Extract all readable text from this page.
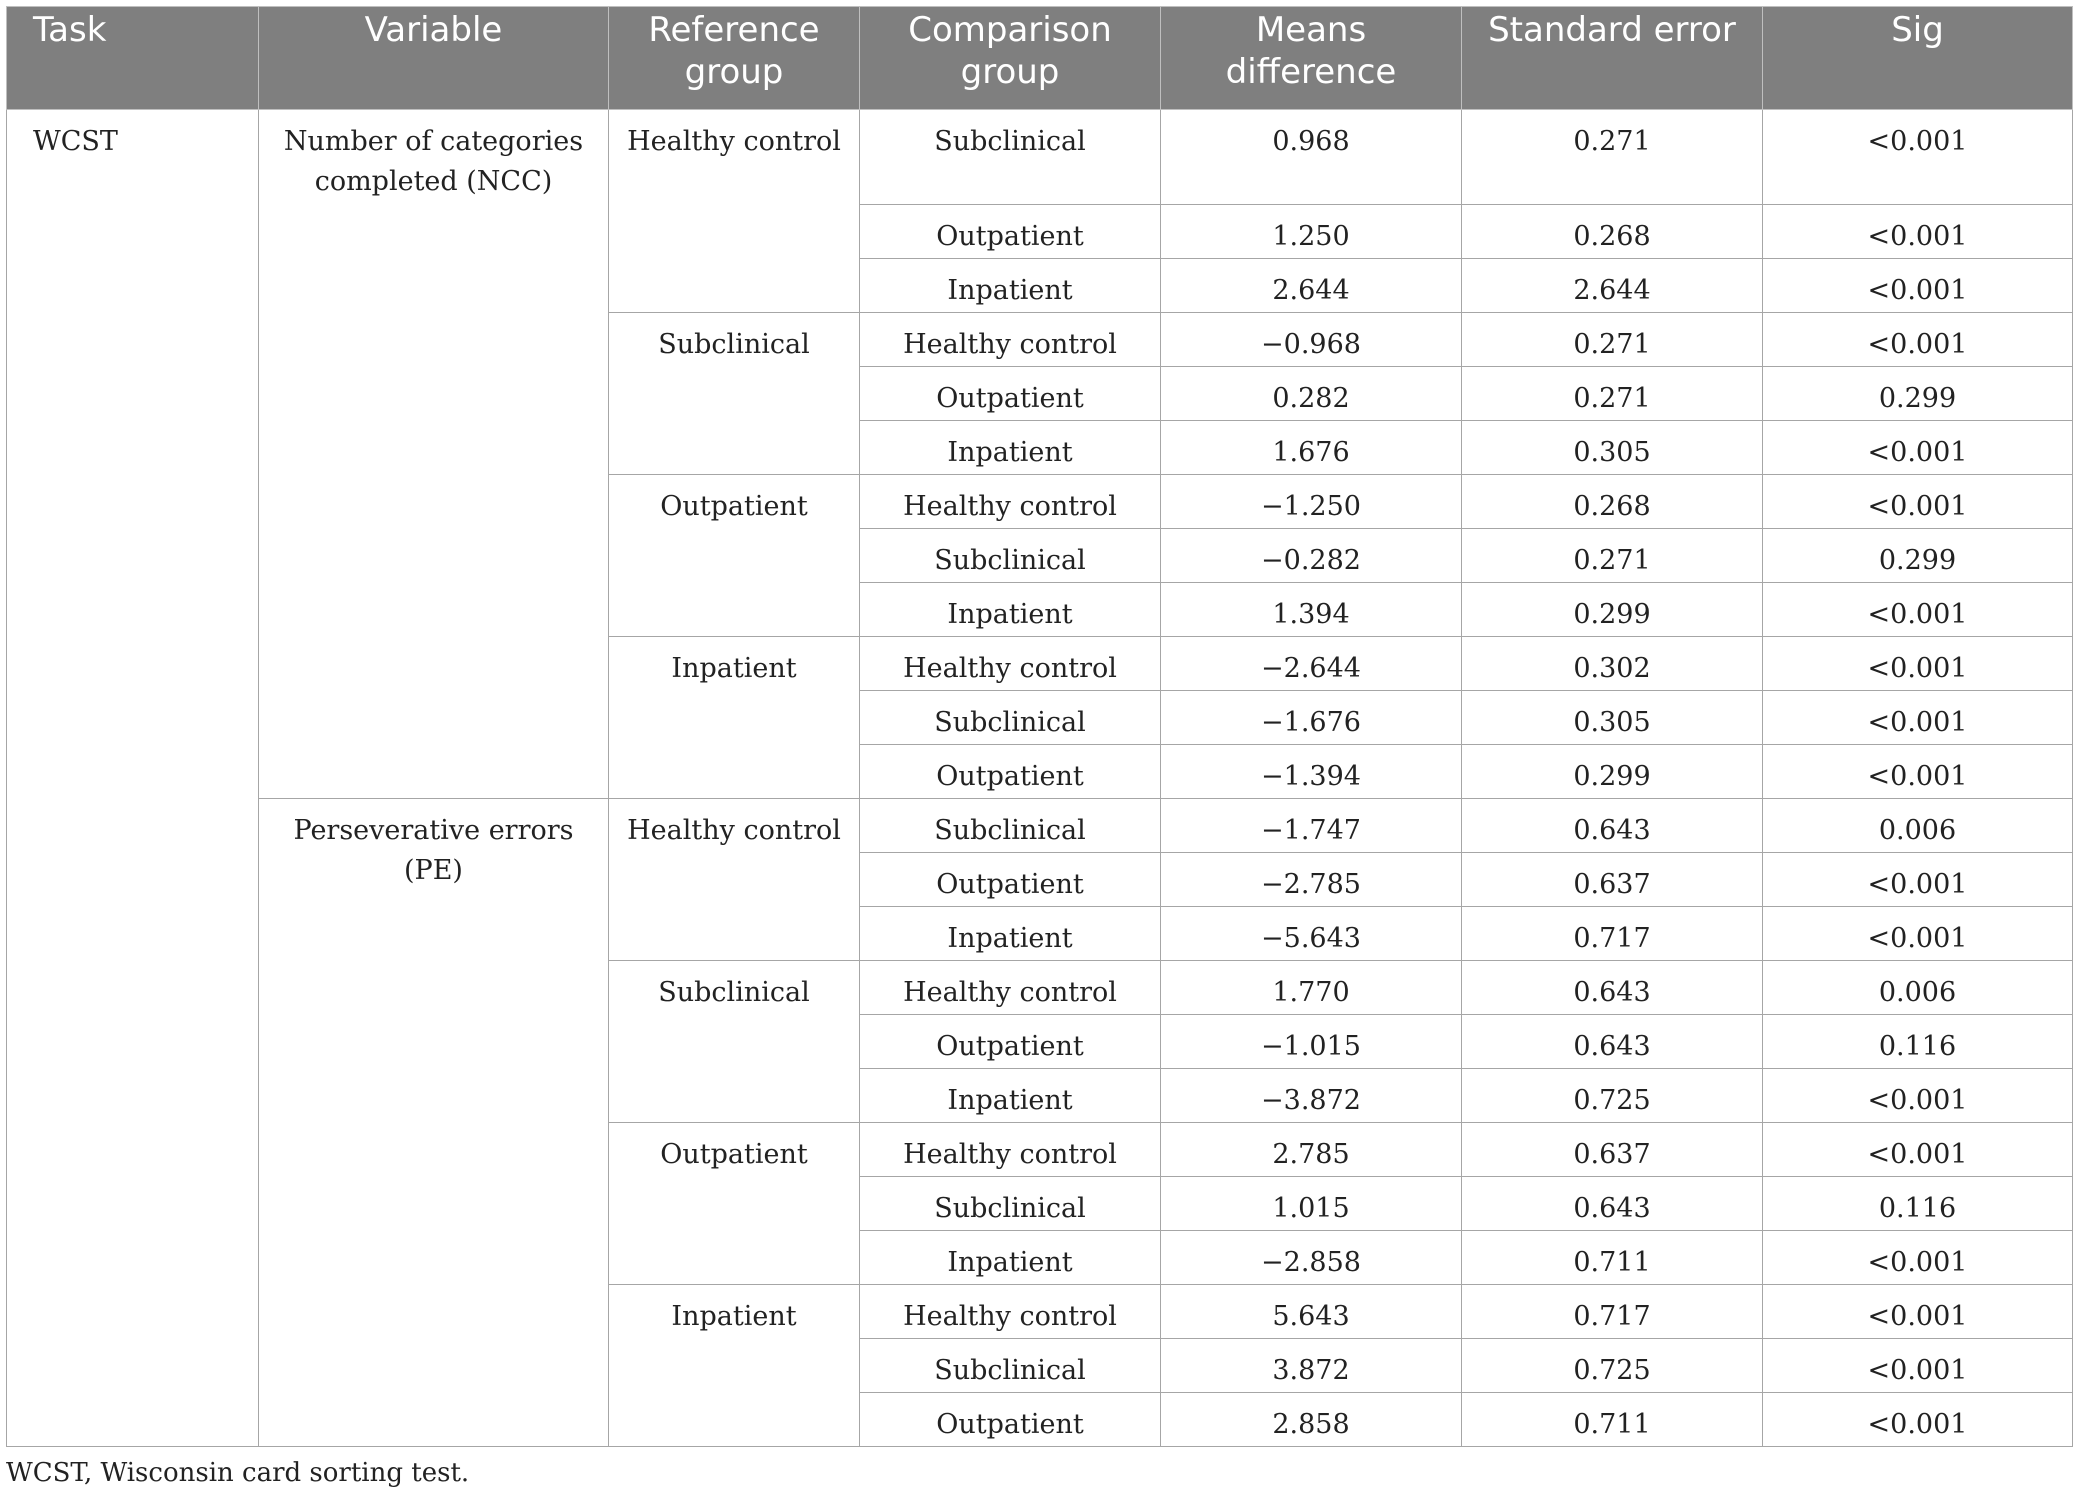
Task	Variable	Reference group	Comparison group	Means difference	Standard error	Sig
WCST	Number of categories completed (NCC)	Healthy control	Subclinical	0.968	0.271	<0.001
			Outpatient	1.250	0.268	<0.001
			Inpatient	2.644	2.644	<0.001
		Subclinical	Healthy control	−0.968	0.271	<0.001
			Outpatient	0.282	0.271	0.299
			Inpatient	1.676	0.305	<0.001
		Outpatient	Healthy control	−1.250	0.268	<0.001
			Subclinical	−0.282	0.271	0.299
			Inpatient	1.394	0.299	<0.001
		Inpatient	Healthy control	−2.644	0.302	<0.001
			Subclinical	−1.676	0.305	<0.001
			Outpatient	−1.394	0.299	<0.001
	Perseverative errors (PE)	Healthy control	Subclinical	−1.747	0.643	0.006
			Outpatient	−2.785	0.637	<0.001
			Inpatient	−5.643	0.717	<0.001
		Subclinical	Healthy control	1.770	0.643	0.006
			Outpatient	−1.015	0.643	0.116
			Inpatient	−3.872	0.725	<0.001
		Outpatient	Healthy control	2.785	0.637	<0.001
			Subclinical	1.015	0.643	0.116
			Inpatient	−2.858	0.711	<0.001
		Inpatient	Healthy control	5.643	0.717	<0.001
			Subclinical	3.872	0.725	<0.001
			Outpatient	2.858	0.711	<0.001
WCST, Wisconsin card sorting test.
